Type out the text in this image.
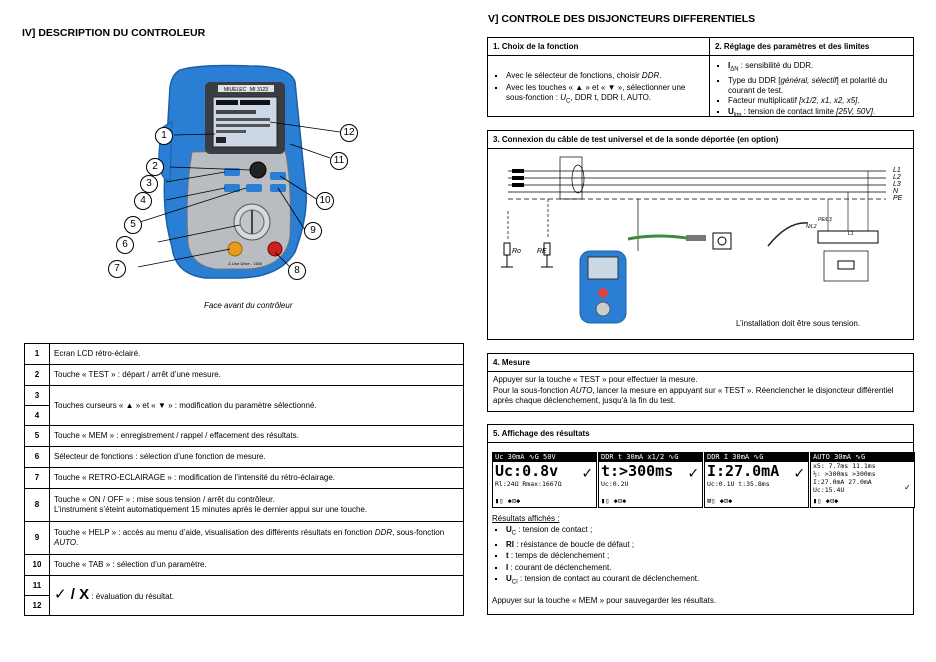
IV] DESCRIPTION DU CONTROLEUR
MIUELEC MI 3123
Z-Line Drive - 1600
1
2
3
4
5
6
7	8
9
10
11
12
Face avant du contrôleur
1	Ecran LCD rétro-éclairé.
2	Touche « TEST » : départ / arrêt d’une mesure.
3	Touches curseurs « ▲ » et « ▼ » : modification du paramètre sélectionné.
4	
5	Touche « MEM » : enregistrement / rappel / effacement des résultats.
6	Sélecteur de fonctions : sélection d’une fonction de mesure.
7	Touche « RETRO-ECLAIRAGE » : modification de l’intensité du rétro-éclairage.
8	Touche « ON / OFF » : mise sous tension / arrêt du contrôleur.
L’instrument s’éteint automatiquement 15 minutes après le dernier appui sur une touche.
9	Touche « HELP » : accès au menu d’aide, visualisation des différents résultats en fonction DDR, sous-fonction AUTO.
10	Touche « TAB » : sélection d’un paramètre.
11	✓ / X : évaluation du résultat.
12	
V] CONTROLE DES DISJONCTEURS DIFFERENTIELS
1. Choix de la fonction	2. Réglage des paramètres et des limites
▪ Avec le sélecteur de fonctions, choisir DDR.
▪ Avec les touches « ▲ » et « ▼ », sélectionner une sous-fonction : $U_C$, DDR t, DDR I, AUTO.
▪ $I_{\Delta N}$ : sensibilité du DDR.
▪ Type du DDR [général, sélectif] et polarité du courant de test.
▪ Facteur multiplicatif [x1/2, x1, x2, x5].
▪ $U_{lim}$ : tension de contact limite [25V, 50V].
3. Connexion du câble de test universel et de la sonde déportée (en option)
L1
L2
L3
N
PE
Ro RE
PE/L3
N/L2
L1
L’installation doit être sous tension.
4. Mesure
Appuyer sur la touche « TEST » pour effectuer la mesure.
Pour la sous-fonction AUTO, lancer la mesure en appuyant sur « TEST ». Réenclencher le disjoncteur différentiel après chaque déclenchement, jusqu’à la fin du test.
5. Affichage des résultats
Uc 30mA ∿G 50V
Uc:0.8v
Rl:24Ω Rmax:1667Ω
✓
▮▯ ◆⊡◆
DDR t 30mA x1/2 ∿G
t:>300ms
Uc:0.2U
✓
▮▯ ◆⊡◆
DDR I 30mA ∿G
I:27.0mA
Uc:0.1U t:35.8ms
✓
⊠▯ ◆⊡◆
AUTO 30mA ∿G
x5: 7.7ms 11.1ms
½: >300ms >300ms
I:27.0mA 27.0mA
Uc:15.4U	✓
▮▯ ◆⊡◆
Résultats affichés :
▪ $U_C$ : tension de contact ;
▪ RI : résistance de boucle de défaut ;
▪ t : temps de déclenchement ;
▪ I : courant de déclenchement.
▪ $U_{CI}$ : tension de contact au courant de déclenchement.
Appuyer sur la touche « MEM » pour sauvegarder les résultats.
